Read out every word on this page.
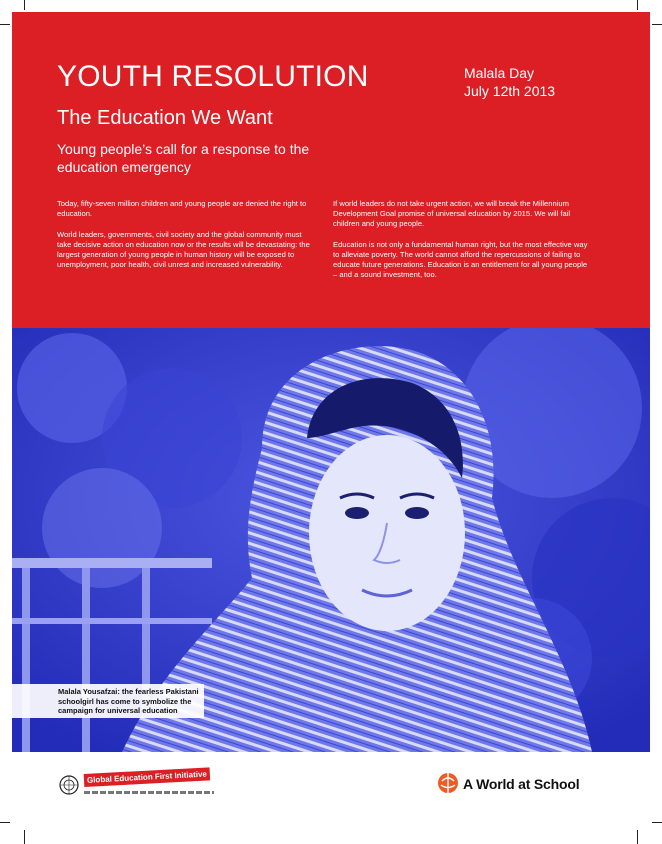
YOUTH RESOLUTION	Malala Day
July 12th 2013
The Education We Want
Young people’s call for a response to the education emergency

Today, fifty-seven million children and young people are denied the right to education.

World leaders, governments, civil society and the global community must take decisive action on education now or the results will be devastating: the largest generation of young people in human history will be exposed to unemployment, poor health, civil unrest and increased vulnerability.

If world leaders do not take urgent action, we will break the Millennium Development Goal promise of universal education by 2015. We will fail children and young people.

Education is not only a fundamental human right, but the most effective way to alleviate poverty. The world cannot afford the repercussions of failing to educate future generations. Education is an entitlement for all young people – and a sound investment, too.

Malala Yousafzai: the fearless Pakistani schoolgirl has come to symbolize the campaign for universal education
Global Education First Initiative	A World at School
